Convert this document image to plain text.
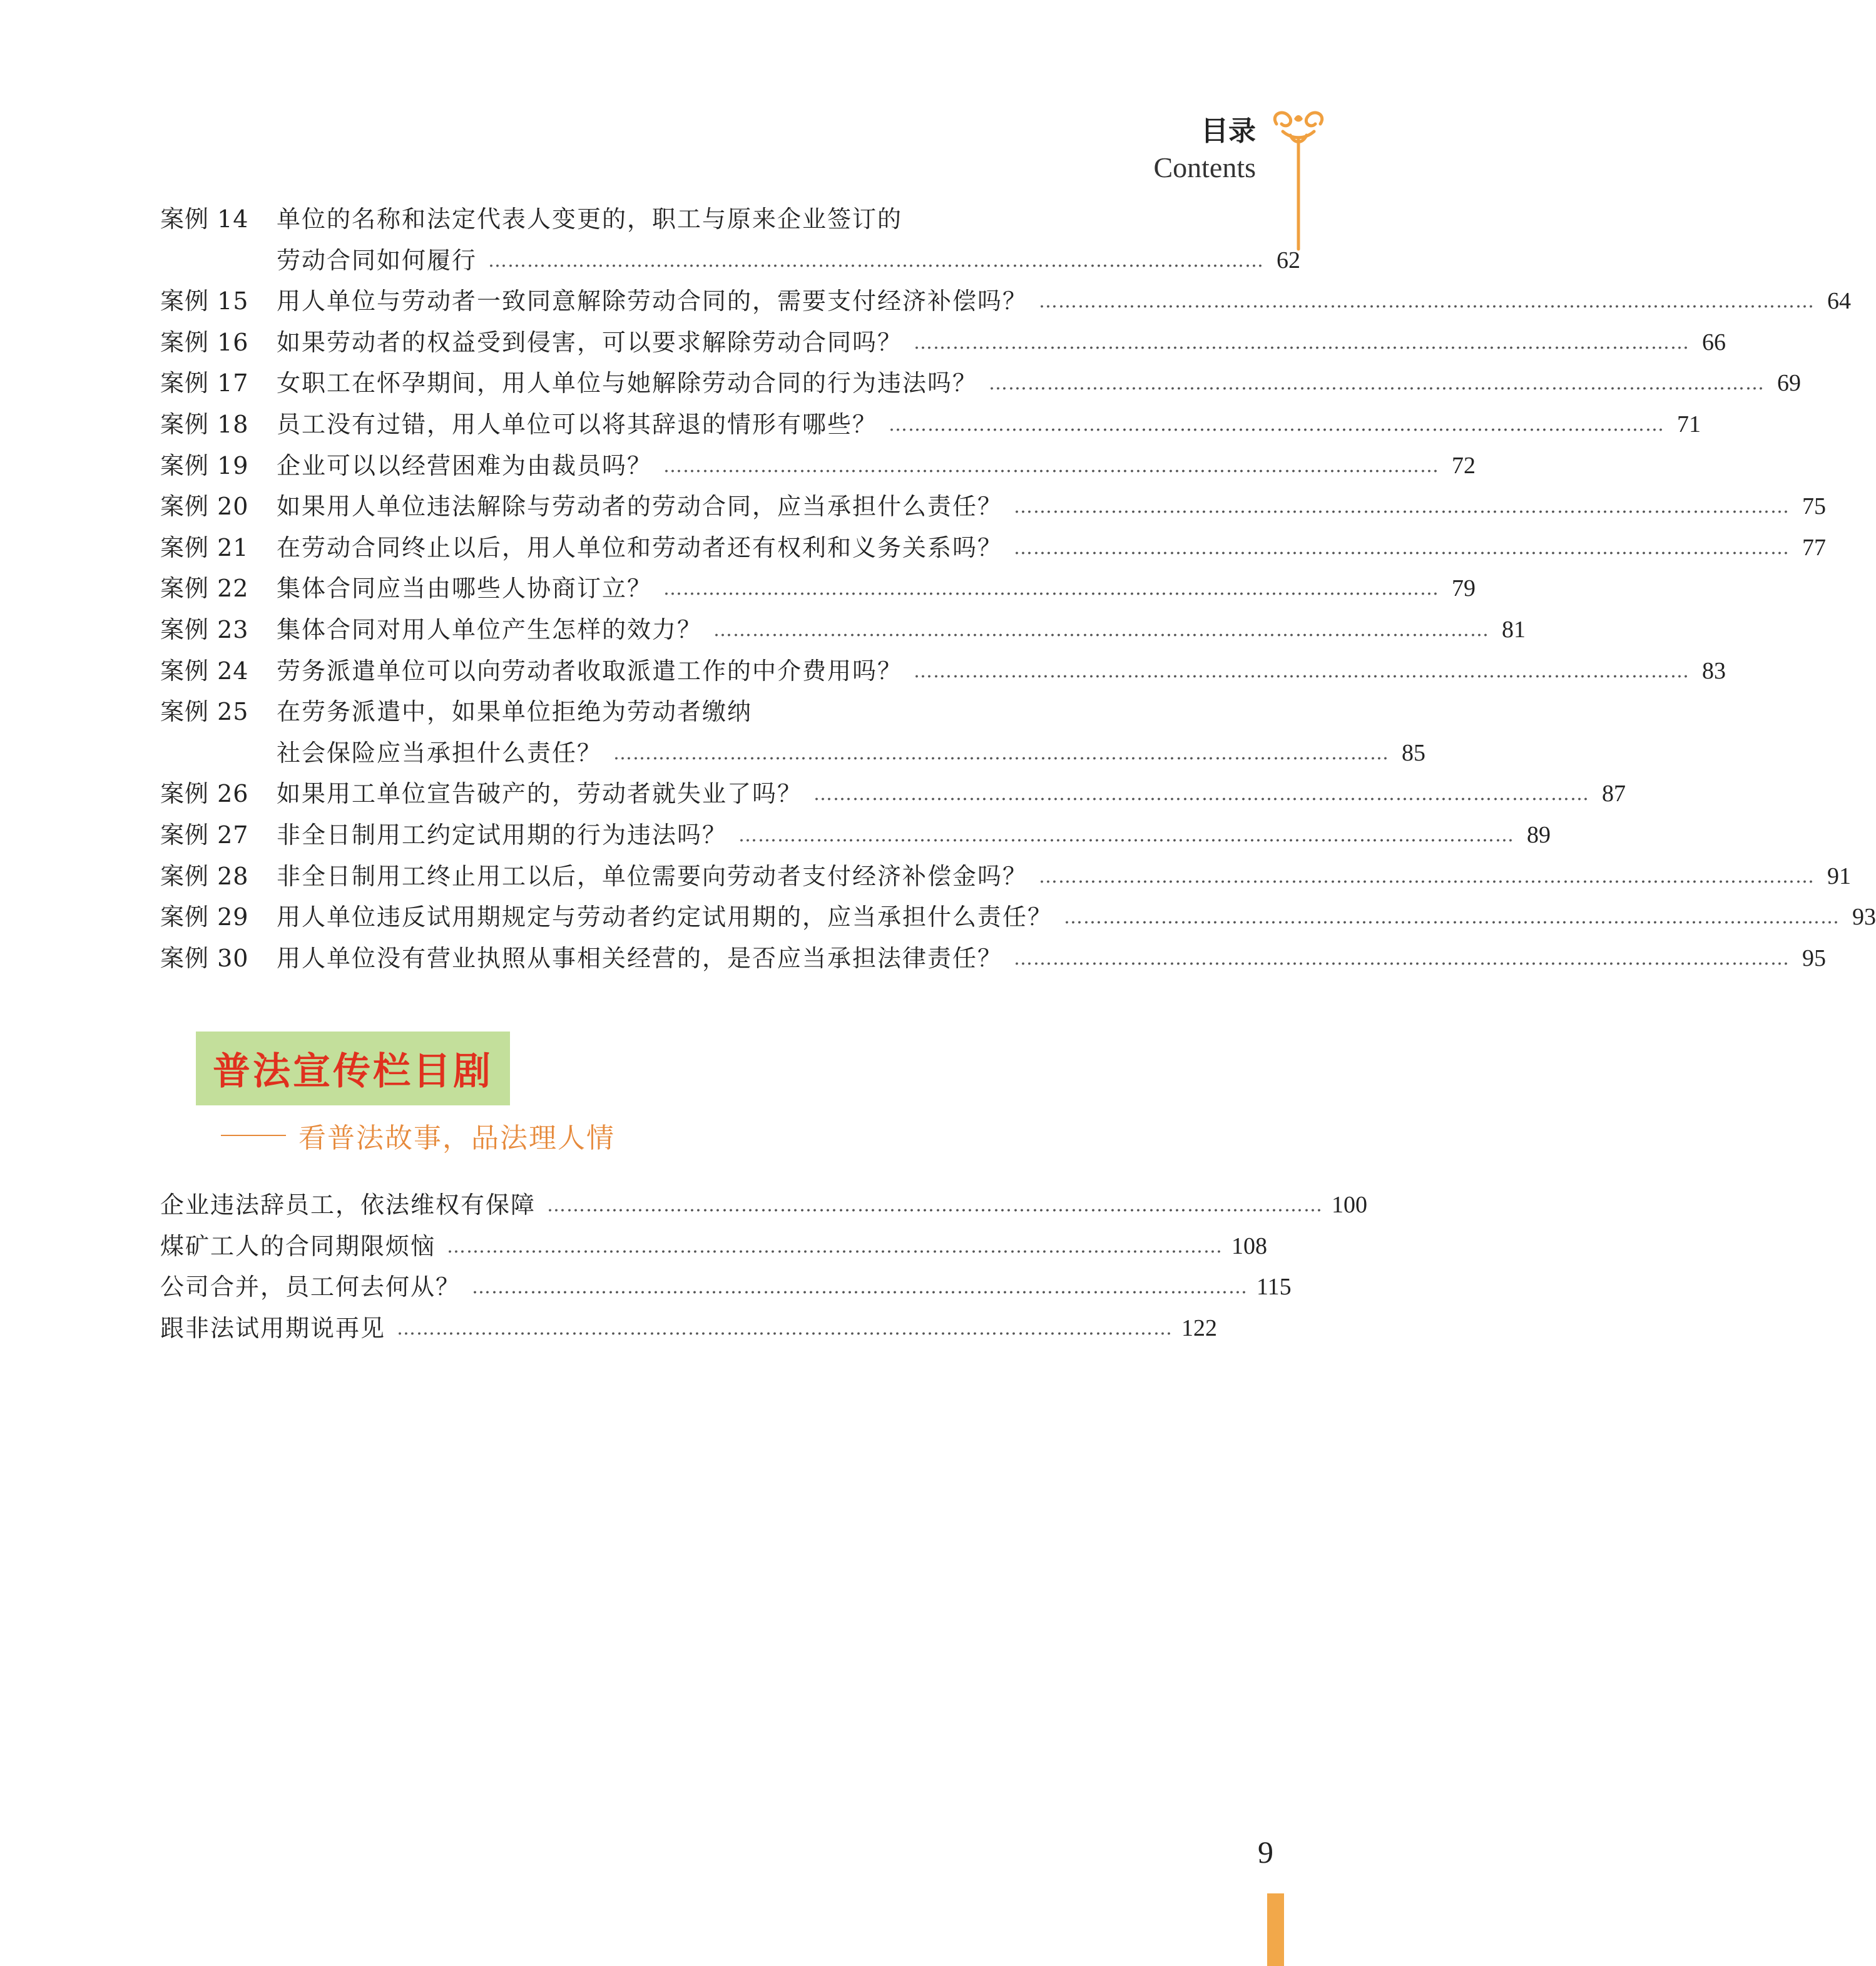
目录
Contents
案例 14 单位的名称和法定代表人变更的，职工与原来企业签订的
劳动合同如何履行 ………………………………………………………………………………………………………… 62
案例 15 用人单位与劳动者一致同意解除劳动合同的，需要支付经济补偿吗？ ………………………………………………………………………………………………………… 64
案例 16 如果劳动者的权益受到侵害，可以要求解除劳动合同吗？ ………………………………………………………………………………………………………… 66
案例 17 女职工在怀孕期间，用人单位与她解除劳动合同的行为违法吗？ ………………………………………………………………………………………………………… 69
案例 18 员工没有过错，用人单位可以将其辞退的情形有哪些？ ………………………………………………………………………………………………………… 71
案例 19 企业可以以经营困难为由裁员吗？ ………………………………………………………………………………………………………… 72
案例 20 如果用人单位违法解除与劳动者的劳动合同，应当承担什么责任？ ………………………………………………………………………………………………………… 75
案例 21 在劳动合同终止以后，用人单位和劳动者还有权利和义务关系吗？ ………………………………………………………………………………………………………… 77
案例 22 集体合同应当由哪些人协商订立？ ………………………………………………………………………………………………………… 79
案例 23 集体合同对用人单位产生怎样的效力？ ………………………………………………………………………………………………………… 81
案例 24 劳务派遣单位可以向劳动者收取派遣工作的中介费用吗？ ………………………………………………………………………………………………………… 83
案例 25 在劳务派遣中，如果单位拒绝为劳动者缴纳
社会保险应当承担什么责任？ ………………………………………………………………………………………………………… 85
案例 26 如果用工单位宣告破产的，劳动者就失业了吗？ ………………………………………………………………………………………………………… 87
案例 27 非全日制用工约定试用期的行为违法吗？ ………………………………………………………………………………………………………… 89
案例 28 非全日制用工终止用工以后，单位需要向劳动者支付经济补偿金吗？ ………………………………………………………………………………………………………… 91
案例 29 用人单位违反试用期规定与劳动者约定试用期的，应当承担什么责任？ ………………………………………………………………………………………………………… 93
案例 30 用人单位没有营业执照从事相关经营的，是否应当承担法律责任？ ………………………………………………………………………………………………………… 95
普法宣传栏目剧
看普法故事，品法理人情
企业违法辞员工，依法维权有保障 ………………………………………………………………………………………………………… 100
煤矿工人的合同期限烦恼 ………………………………………………………………………………………………………… 108
公司合并，员工何去何从？ ………………………………………………………………………………………………………… 115
跟非法试用期说再见 ………………………………………………………………………………………………………… 122
9
